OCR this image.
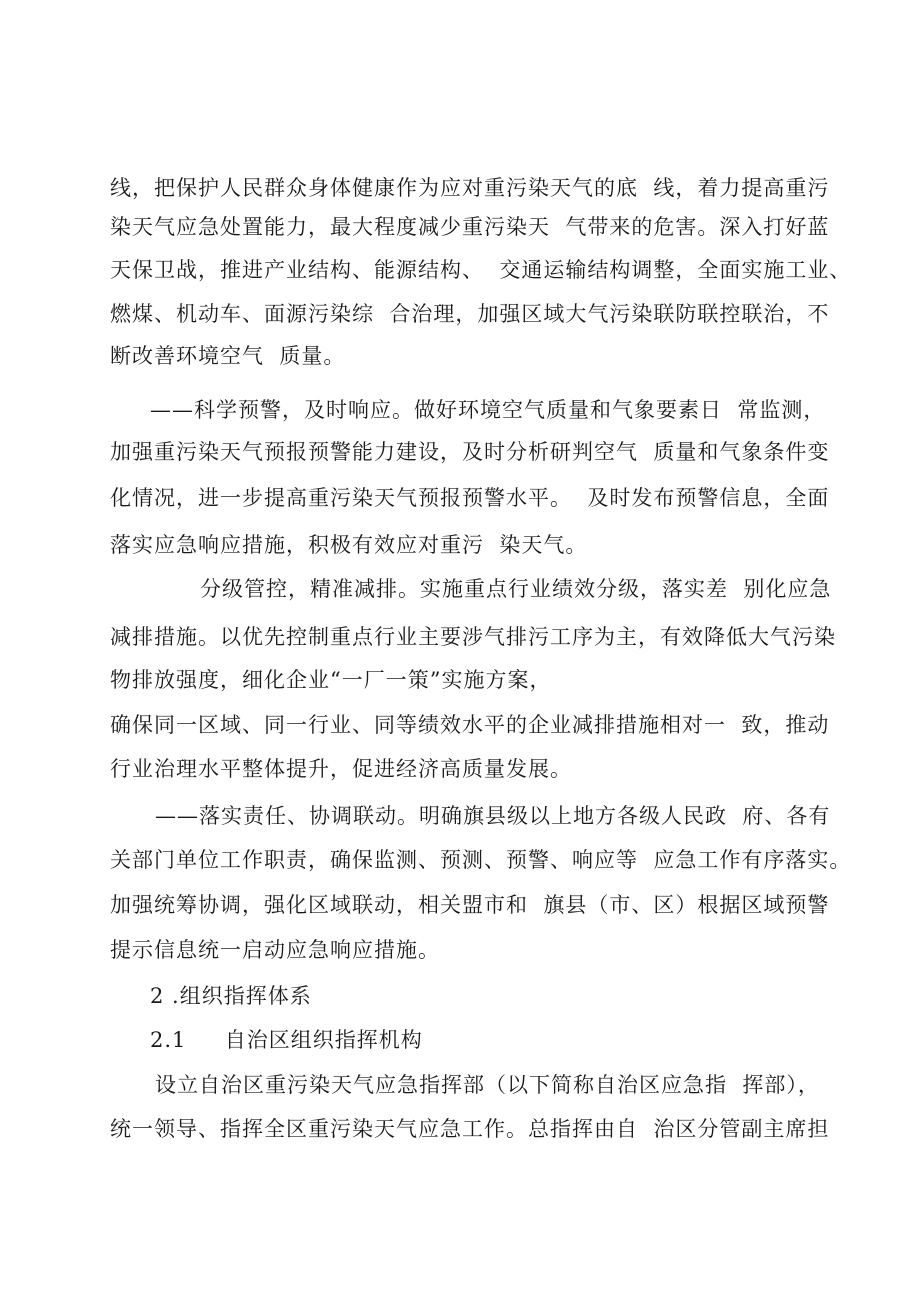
线，把保护人民群众身体健康作为应对重污染天气的底  线，着力提高重污
染天气应急处置能力，最大程度减少重污染天  气带来的危害。深入打好蓝
天保卫战，推进产业结构、能源结构、  交通运输结构调整，全面实施工业、
燃煤、机动车、面源污染综  合治理，加强区域大气污染联防联控联治，不
断改善环境空气  质量。
——科学预警，及时响应。做好环境空气质量和气象要素日  常监测，
加强重污染天气预报预警能力建设，及时分析研判空气  质量和气象条件变
化情况，进一步提高重污染天气预报预警水平。  及时发布预警信息，全面
落实应急响应措施，积极有效应对重污  染天气。
分级管控，精准减排。实施重点行业绩效分级，落实差  别化应急
减排措施。以优先控制重点行业主要涉气排污工序为主，有效降低大气污染
物排放强度，细化企业“一厂一策”实施方案，
确保同一区域、同一行业、同等绩效水平的企业减排措施相对一  致，推动
行业治理水平整体提升，促进经济高质量发展。
——落实责任、协调联动。明确旗县级以上地方各级人民政  府、各有
关部门单位工作职责，确保监测、预测、预警、响应等  应急工作有序落实。
加强统筹协调，强化区域联动，相关盟市和  旗县（市、区）根据区域预警
提示信息统一启动应急响应措施。
2 .组织指挥体系
2.1     自治区组织指挥机构
设立自治区重污染天气应急指挥部（以下简称自治区应急指  挥部），
统一领导、指挥全区重污染天气应急工作。总指挥由自  治区分管副主席担
